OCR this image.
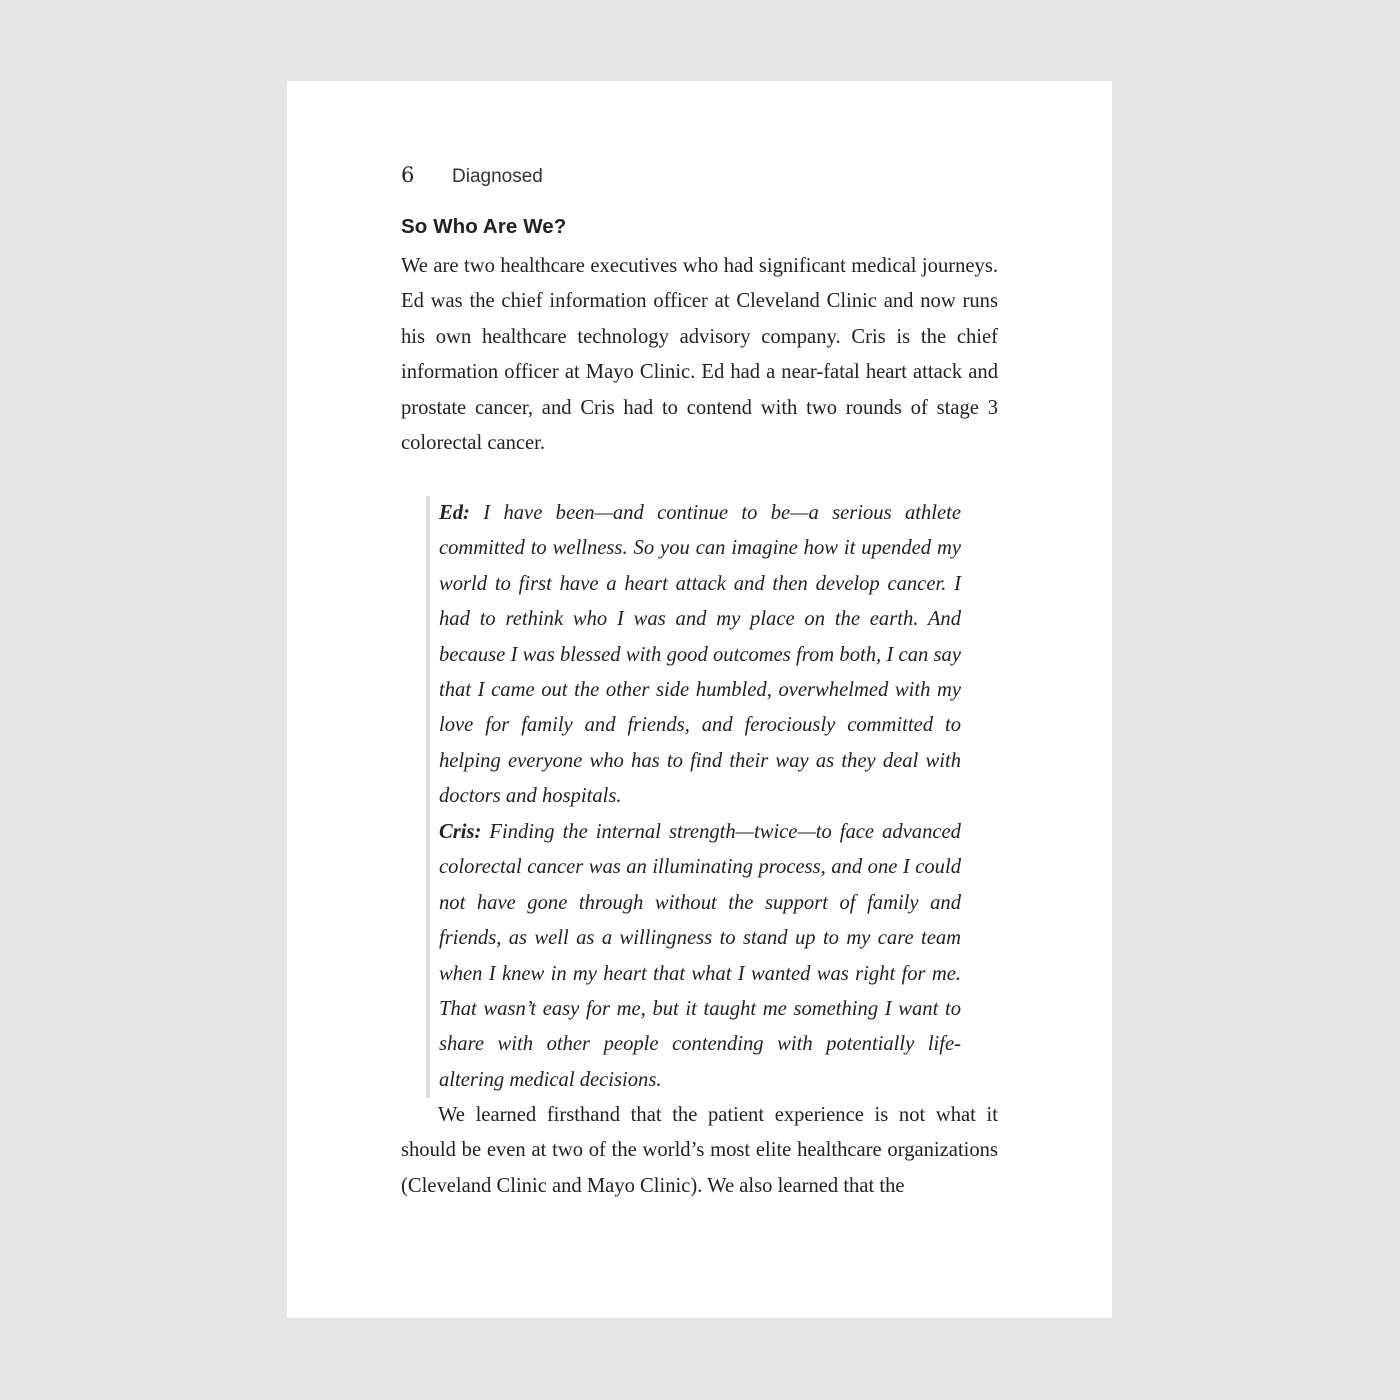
6 Diagnosed
So Who Are We?

We are two healthcare executives who had significant medical journeys. Ed was the chief information officer at Cleveland Clinic and now runs his own healthcare technology advisory company. Cris is the chief information officer at Mayo Clinic. Ed had a near-fatal heart attack and prostate cancer, and Cris had to contend with two rounds of stage 3 colorectal cancer.

Ed: I have been—and continue to be—a serious athlete committed to wellness. So you can imagine how it upended my world to first have a heart attack and then develop cancer. I had to rethink who I was and my place on the earth. And because I was blessed with good outcomes from both, I can say that I came out the other side humbled, overwhelmed with my love for family and friends, and ferociously committed to helping everyone who has to find their way as they deal with doctors and hospitals.
Cris: Finding the internal strength—twice—to face advanced colorectal cancer was an illuminating process, and one I could not have gone through without the support of family and friends, as well as a willingness to stand up to my care team when I knew in my heart that what I wanted was right for me. That wasn’t easy for me, but it taught me something I want to share with other people contending with potentially life-altering medical decisions.

We learned firsthand that the patient experience is not what it should be even at two of the world’s most elite healthcare organizations (Cleveland Clinic and Mayo Clinic). We also learned that the
